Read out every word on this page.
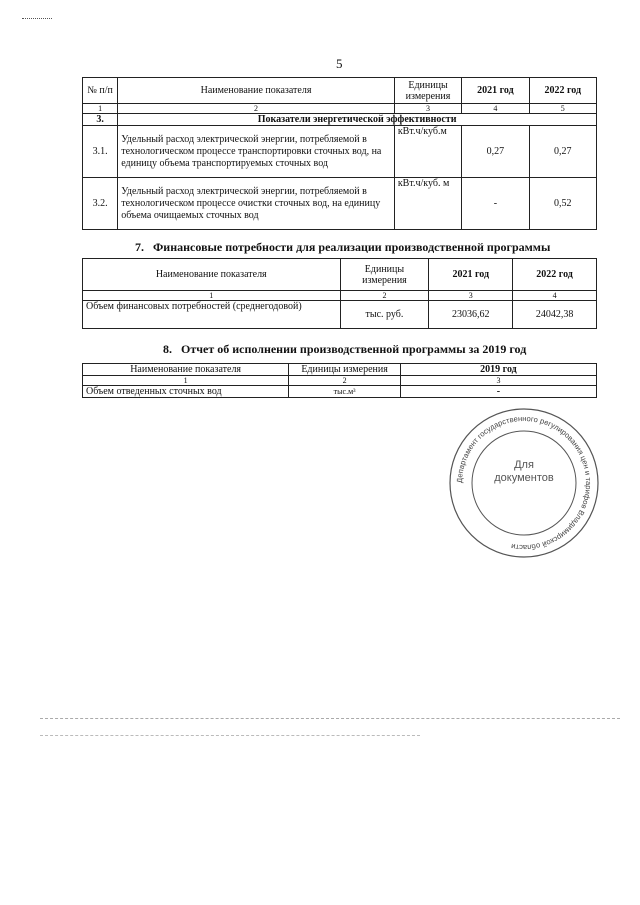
5
№ п/п	Наименование показателя	Единицы измерения	2021 год	2022 год
1	2	3	4	5
3.	Показатели энергетической эффективности			
3.1.	Удельный расход электрической энергии, потребляемой в технологическом процессе транспортировки сточных вод, на единицу объема транспортируемых сточных вод	кВт.ч/куб.м	0,27	0,27
3.2.	Удельный расход электрической энергии, потребляемой в технологическом процессе очистки сточных вод, на единицу объема очищаемых сточных вод	кВт.ч/куб. м	-	0,52
7.   Финансовые потребности для реализации производственной программы
Наименование показателя	Единицы измерения	2021 год	2022 год
1	2	3	4
Объем финансовых потребностей (среднегодовой)	тыс. руб.	23036,62	24042,38
8.   Отчет об исполнении производственной программы за 2019 год
Наименование показателя	Единицы измерения	2019 год
1	2	3
Объем отведенных сточных вод	тыс.м³	-
Департамент государственного регулирования цен и тарифов Владимирской области
Для документов
